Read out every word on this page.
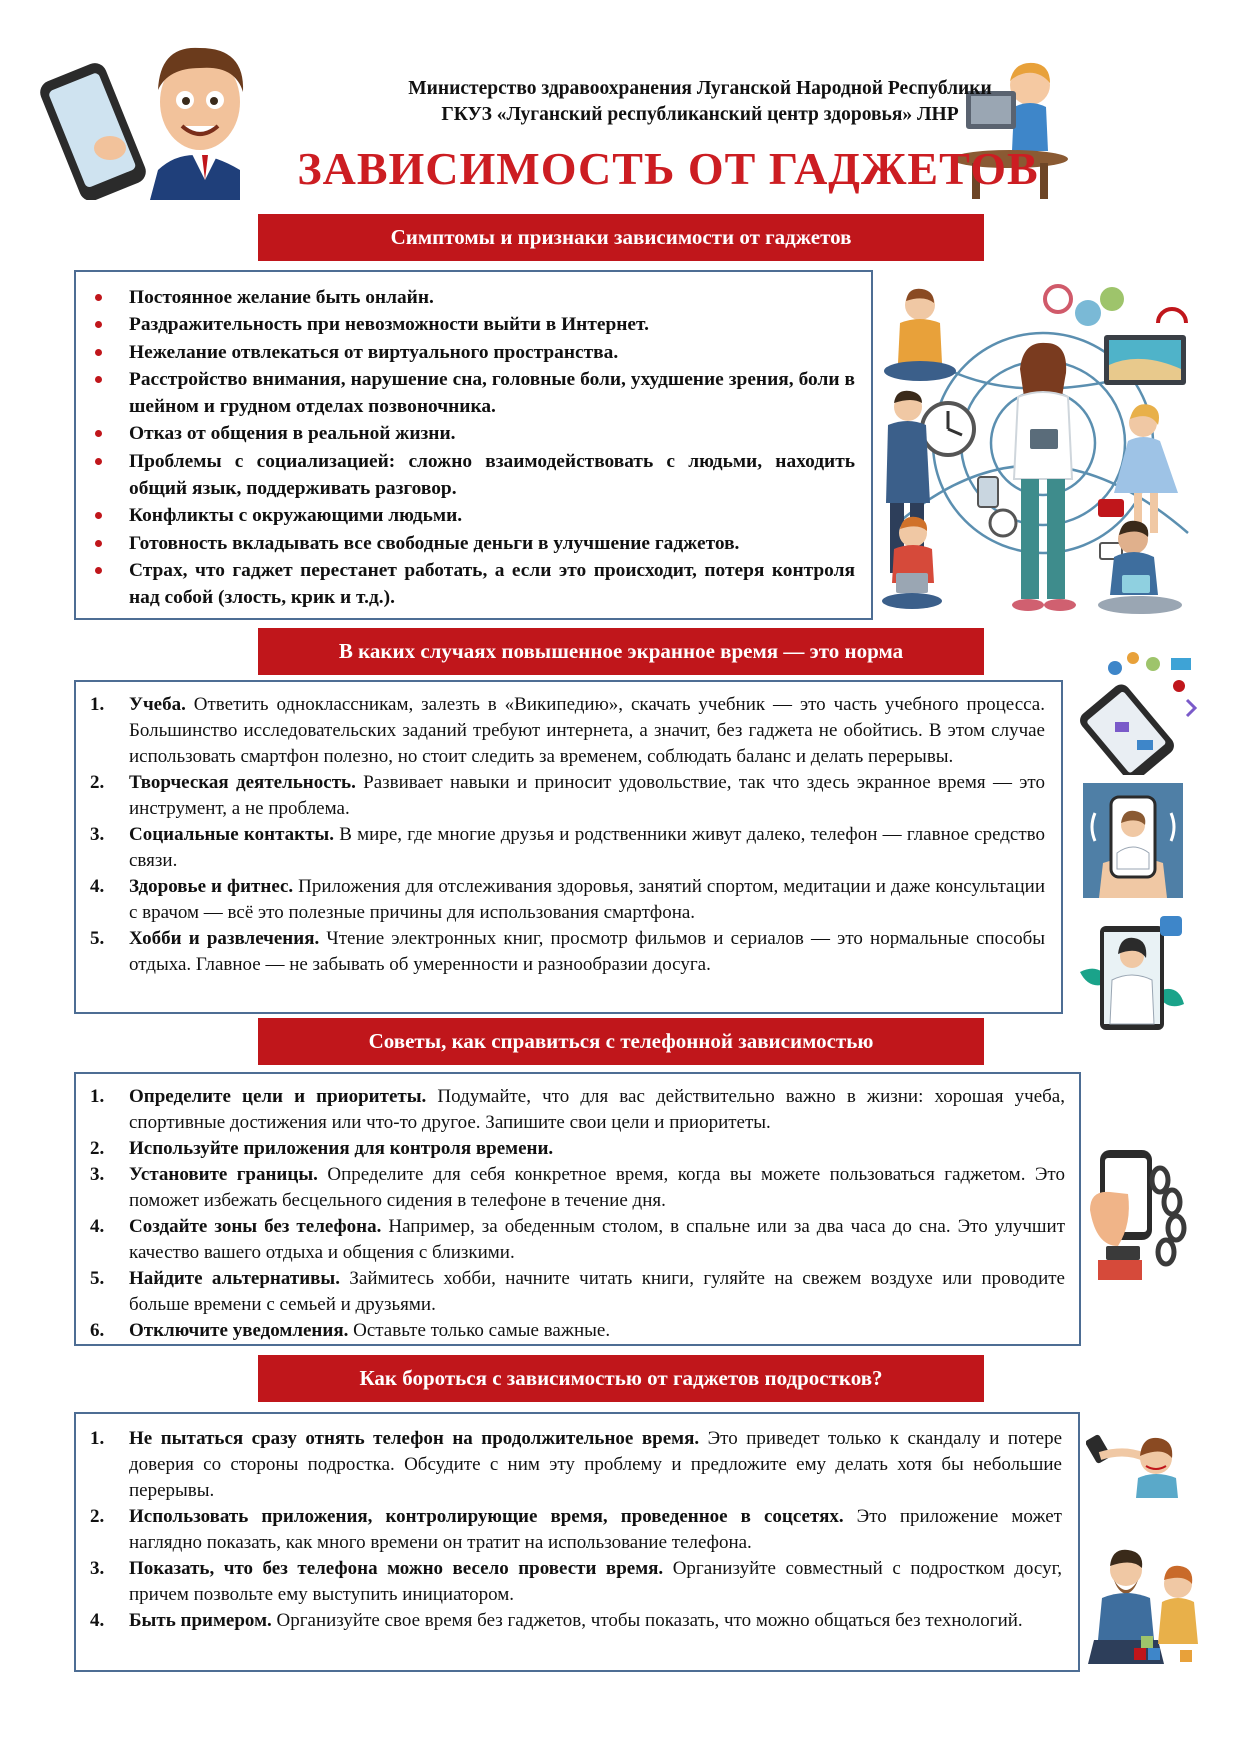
Министерство здравоохранения Луганской Народной Республики
ГКУЗ «Луганский республиканский центр здоровья» ЛНР
ЗАВИСИМОСТЬ ОТ ГАДЖЕТОВ
Симптомы и признаки зависимости от гаджетов
Постоянное желание быть онлайн.
Раздражительность при невозможности выйти в Интернет.
Нежелание отвлекаться от виртуального пространства.
Расстройство внимания, нарушение сна, головные боли, ухудшение зрения, боли в шейном и грудном отделах позвоночника.
Отказ от общения в реальной жизни.
Проблемы с социализацией: сложно взаимодействовать с людьми, находить общий язык, поддерживать разговор.
Конфликты с окружающими людьми.
Готовность вкладывать все свободные деньги в улучшение гаджетов.
Страх, что гаджет перестанет работать, а если это происходит, потеря контроля над собой (злость, крик и т.д.).
В каких случаях повышенное экранное время — это норма
1. Учеба. Ответить одноклассникам, залезть в «Википедию», скачать учебник — это часть учебного процесса. Большинство исследовательских заданий требуют интернета, а значит, без гаджета не обойтись. В этом случае использовать смартфон полезно, но стоит следить за временем, соблюдать баланс и делать перерывы.
2. Творческая деятельность. Развивает навыки и приносит удовольствие, так что здесь экранное время — это инструмент, а не проблема.
3. Социальные контакты. В мире, где многие друзья и родственники живут далеко, телефон — главное средство связи.
4. Здоровье и фитнес. Приложения для отслеживания здоровья, занятий спортом, медитации и даже консультации с врачом — всё это полезные причины для использования смартфона.
5. Хобби и развлечения. Чтение электронных книг, просмотр фильмов и сериалов — это нормальные способы отдыха. Главное — не забывать об умеренности и разнообразии досуга.
Советы, как справиться с телефонной зависимостью
1. Определите цели и приоритеты. Подумайте, что для вас действительно важно в жизни: хорошая учеба, спортивные достижения или что-то другое. Запишите свои цели и приоритеты.
2. Используйте приложения для контроля времени.
3. Установите границы. Определите для себя конкретное время, когда вы можете пользоваться гаджетом. Это поможет избежать бесцельного сидения в телефоне в течение дня.
4. Создайте зоны без телефона. Например, за обеденным столом, в спальне или за два часа до сна. Это улучшит качество вашего отдыха и общения с близкими.
5. Найдите альтернативы. Займитесь хобби, начните читать книги, гуляйте на свежем воздухе или проводите больше времени с семьей и друзьями.
6. Отключите уведомления. Оставьте только самые важные.
Как бороться с зависимостью от гаджетов подростков?
1. Не пытаться сразу отнять телефон на продолжительное время. Это приведет только к скандалу и потере доверия со стороны подростка. Обсудите с ним эту проблему и предложите ему делать хотя бы небольшие перерывы.
2. Использовать приложения, контролирующие время, проведенное в соцсетях. Это приложение может наглядно показать, как много времени он тратит на использование телефона.
3. Показать, что без телефона можно весело провести время. Организуйте совместный с подростком досуг, причем позвольте ему выступить инициатором.
4. Быть примером. Организуйте свое время без гаджетов, чтобы показать, что можно общаться без технологий.
